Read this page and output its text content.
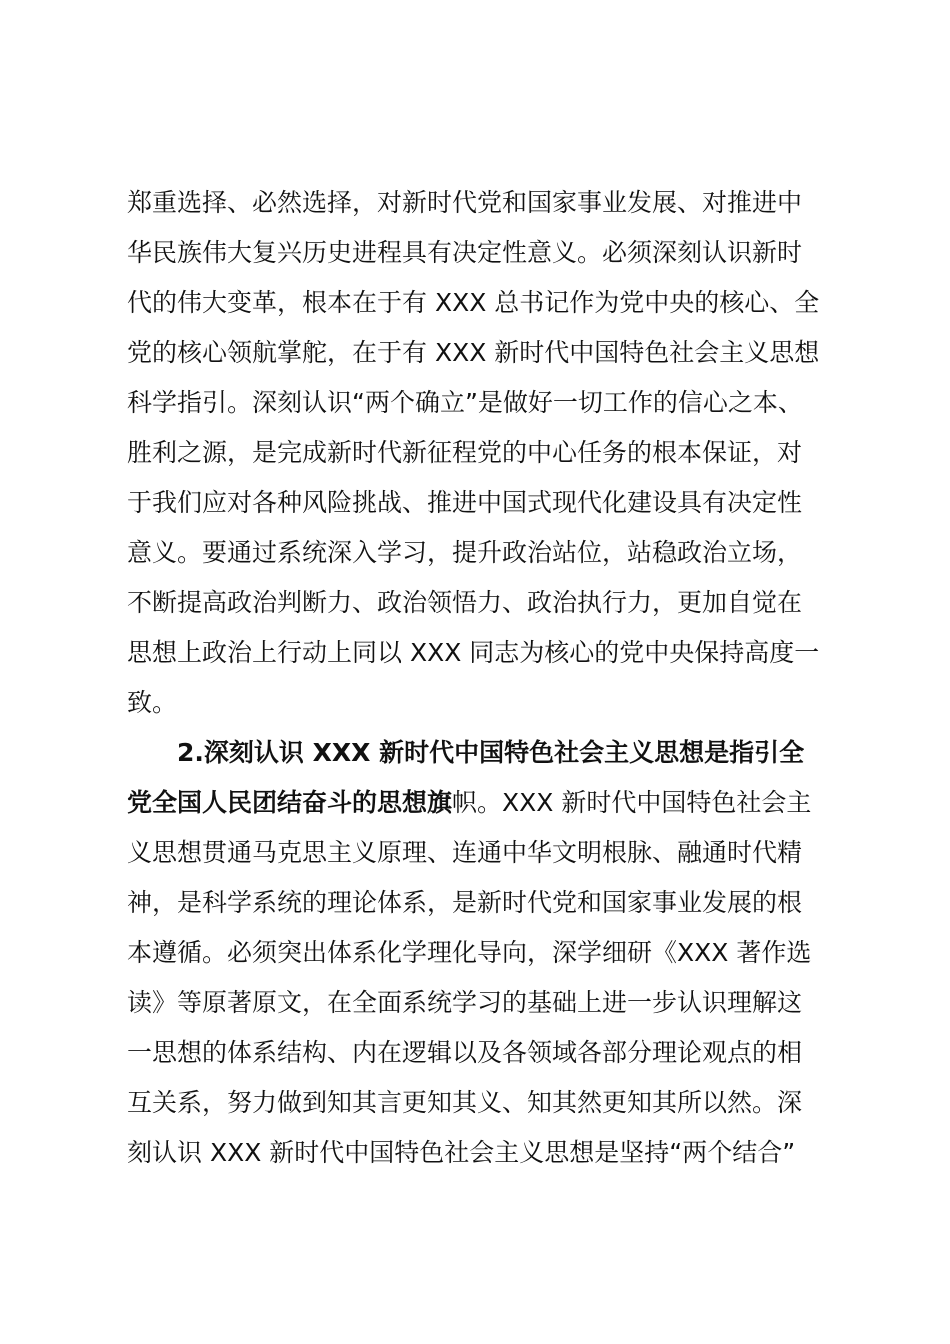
郑重选择、必然选择，对新时代党和国家事业发展、对推进中
华民族伟大复兴历史进程具有决定性意义。必须深刻认识新时
代的伟大变革，根本在于有 XXX 总书记作为党中央的核心、全
党的核心领航掌舵，在于有 XXX 新时代中国特色社会主义思想
科学指引。深刻认识“两个确立”是做好一切工作的信心之本、
胜利之源，是完成新时代新征程党的中心任务的根本保证，对
于我们应对各种风险挑战、推进中国式现代化建设具有决定性
意义。要通过系统深入学习，提升政治站位，站稳政治立场，
不断提高政治判断力、政治领悟力、政治执行力，更加自觉在
思想上政治上行动上同以 XXX 同志为核心的党中央保持高度一
致。
2.深刻认识 XXX 新时代中国特色社会主义思想是指引全
党全国人民团结奋斗的思想旗帜。XXX 新时代中国特色社会主
义思想贯通马克思主义原理、连通中华文明根脉、融通时代精
神，是科学系统的理论体系，是新时代党和国家事业发展的根
本遵循。必须突出体系化学理化导向，深学细研《XXX 著作选
读》等原著原文，在全面系统学习的基础上进一步认识理解这
一思想的体系结构、内在逻辑以及各领域各部分理论观点的相
互关系，努力做到知其言更知其义、知其然更知其所以然。深
刻认识 XXX 新时代中国特色社会主义思想是坚持“两个结合”
